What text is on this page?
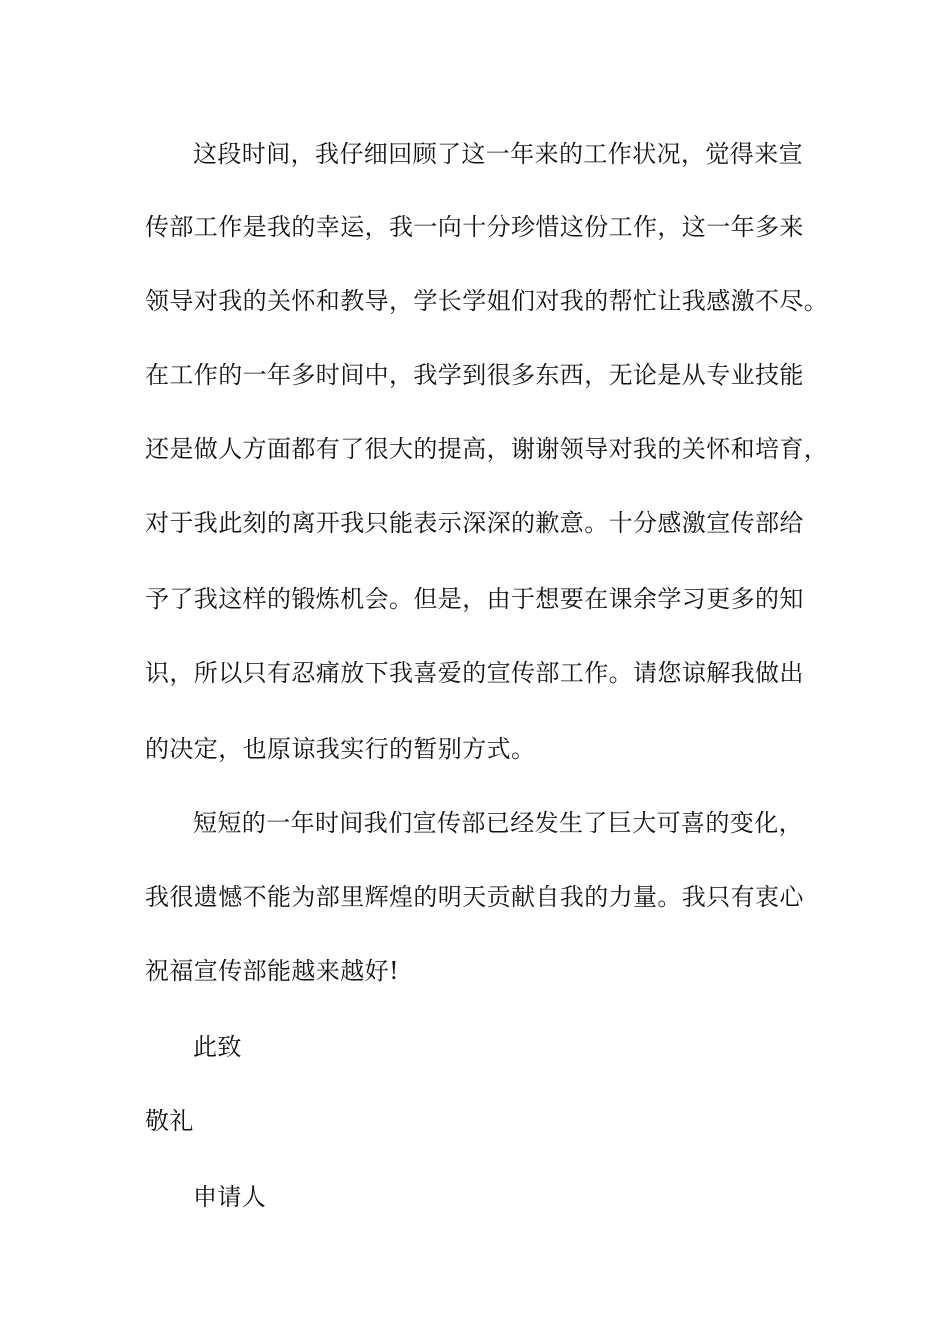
这段时间，我仔细回顾了这一年来的工作状况，觉得来宣
传部工作是我的幸运，我一向十分珍惜这份工作，这一年多来
领导对我的关怀和教导，学长学姐们对我的帮忙让我感激不尽。
在工作的一年多时间中，我学到很多东西，无论是从专业技能
还是做人方面都有了很大的提高，谢谢领导对我的关怀和培育，
对于我此刻的离开我只能表示深深的歉意。十分感激宣传部给
予了我这样的锻炼机会。但是，由于想要在课余学习更多的知
识，所以只有忍痛放下我喜爱的宣传部工作。请您谅解我做出
的决定，也原谅我实行的暂别方式。
短短的一年时间我们宣传部已经发生了巨大可喜的变化，
我很遗憾不能为部里辉煌的明天贡献自我的力量。我只有衷心
祝福宣传部能越来越好!
此致
敬礼
申请人
